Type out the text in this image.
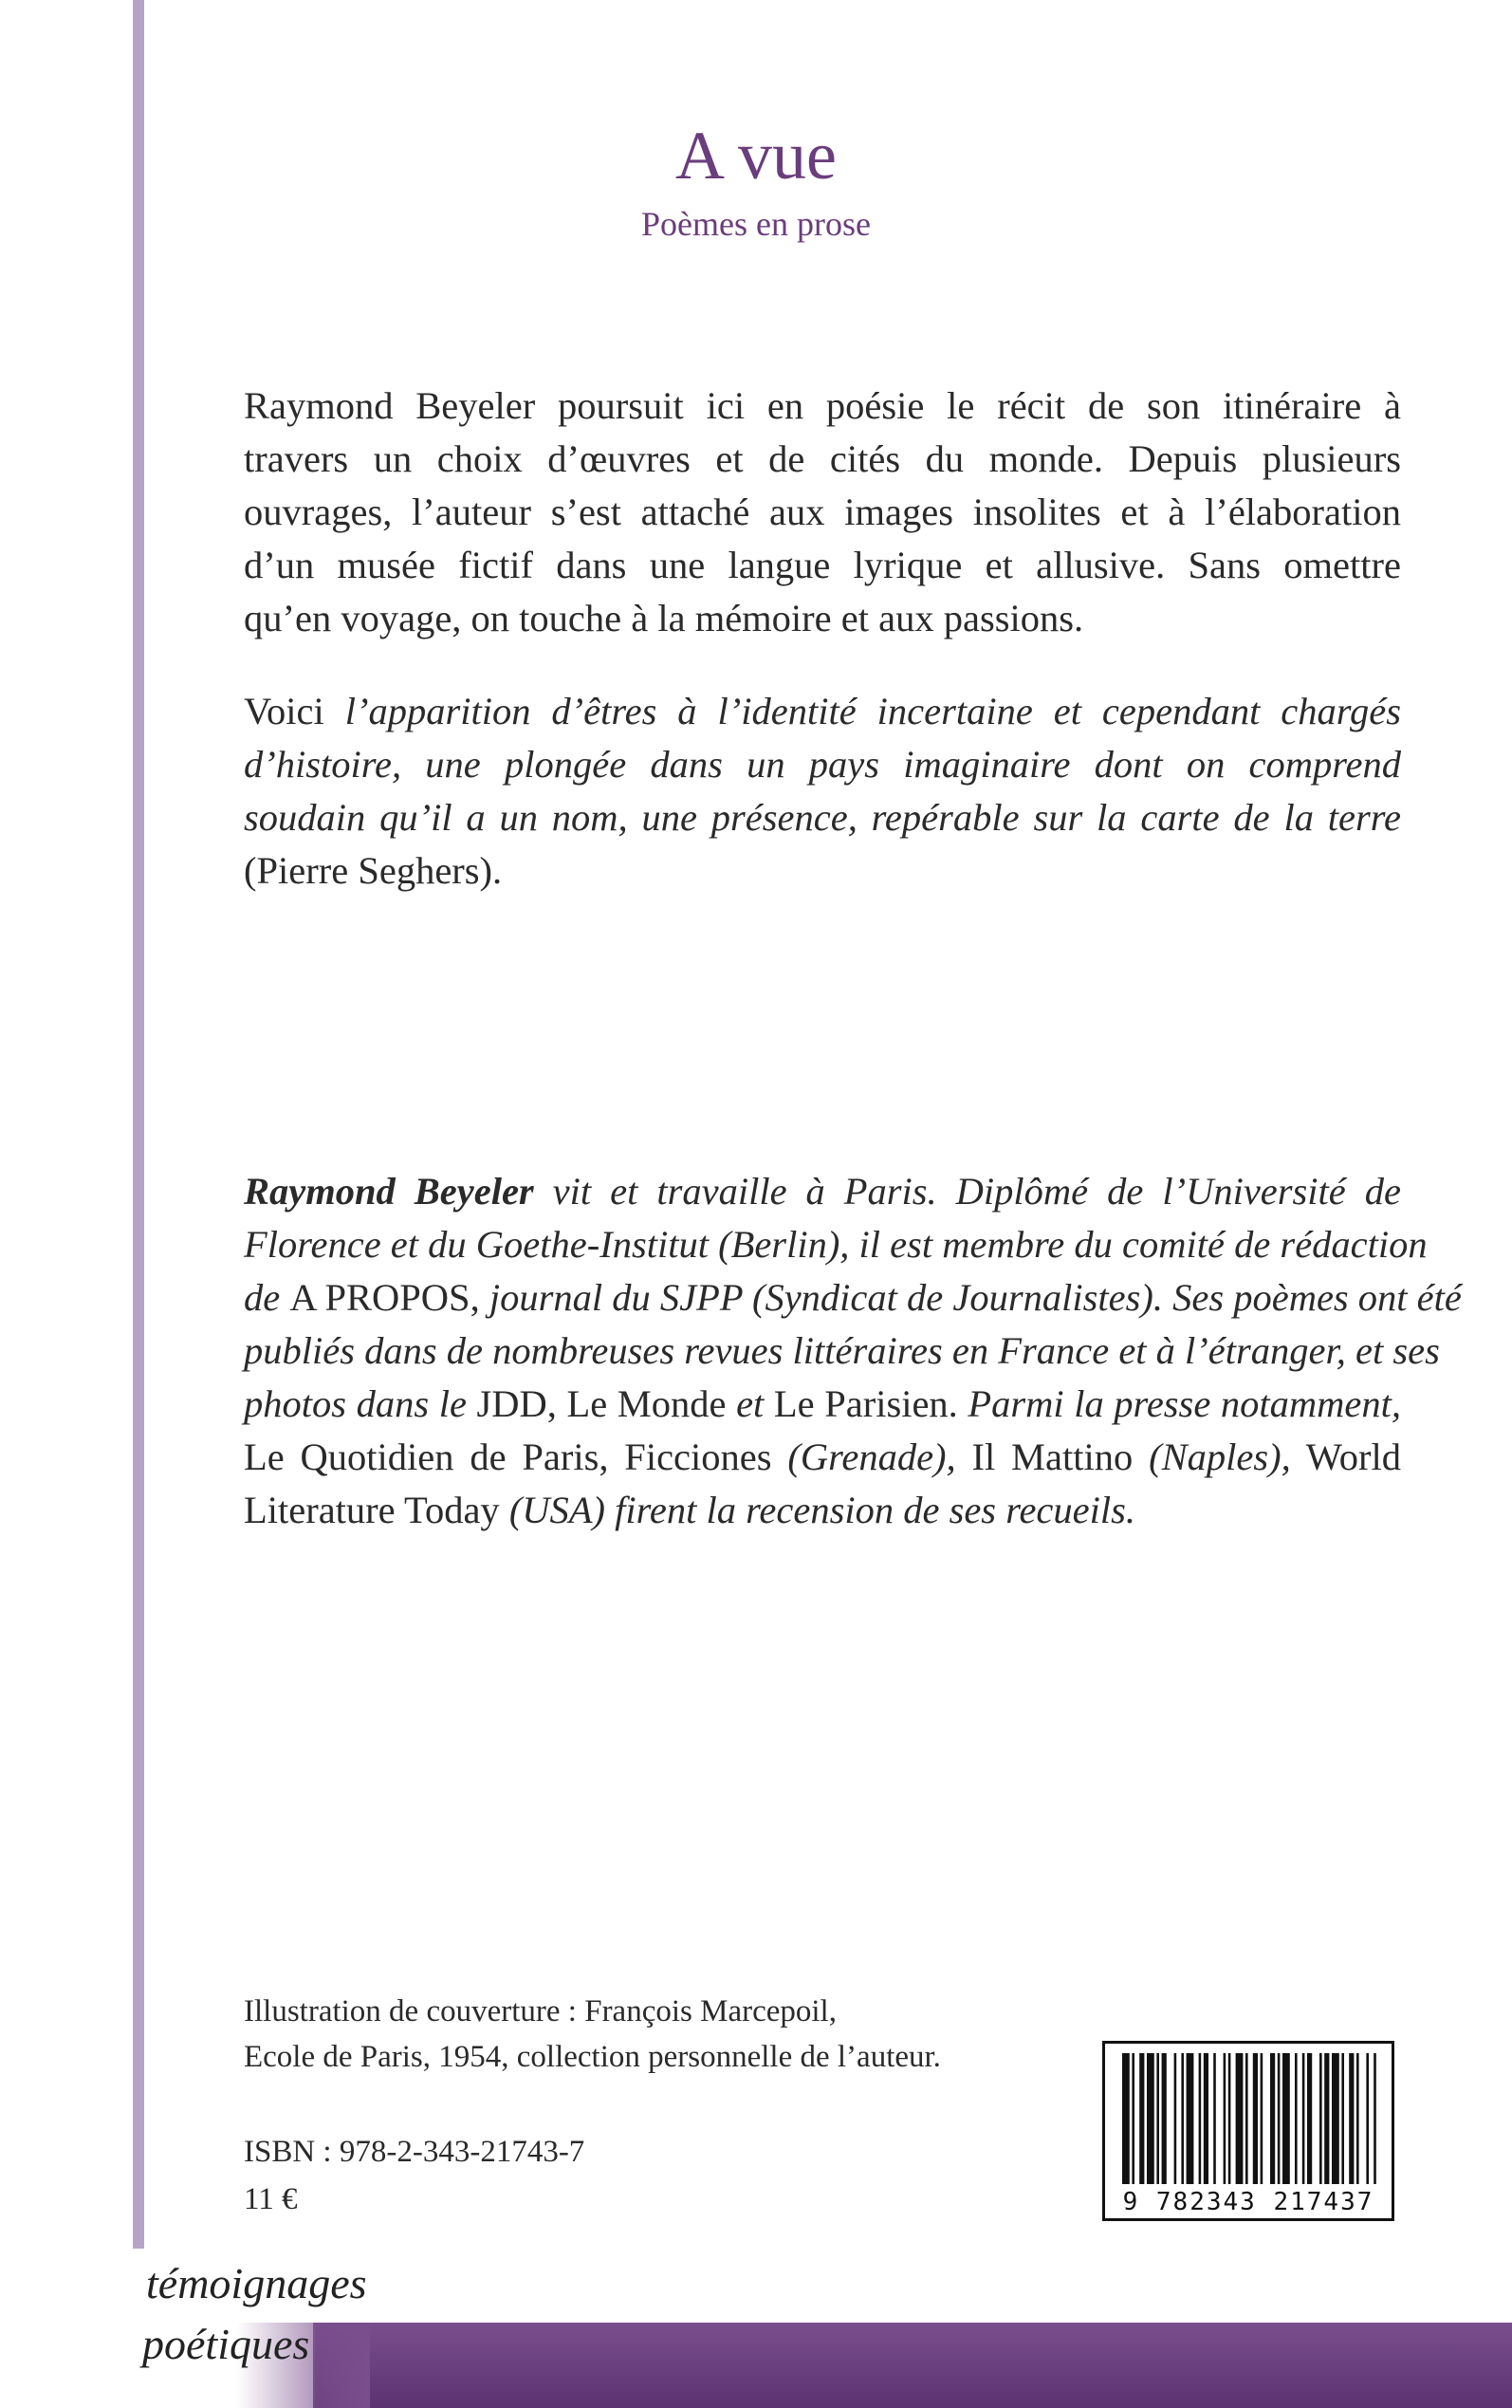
A vue
Poèmes en prose
Raymond Beyeler poursuit ici en poésie le récit de son itinéraire à
travers un choix d’œuvres et de cités du monde. Depuis plusieurs
ouvrages, l’auteur s’est attaché aux images insolites et à l’élaboration
d’un musée fictif dans une langue lyrique et allusive. Sans omettre
qu’en voyage, on touche à la mémoire et aux passions.
Voici l’apparition d’êtres à l’identité incertaine et cependant chargés
d’histoire, une plongée dans un pays imaginaire dont on comprend
soudain qu’il a un nom, une présence, repérable sur la carte de la terre
(Pierre Seghers).
Raymond Beyeler vit et travaille à Paris. Diplômé de l’Université de
Florence et du Goethe-Institut (Berlin), il est membre du comité de rédaction
de A PROPOS, journal du SJPP (Syndicat de Journalistes). Ses poèmes ont été
publiés dans de nombreuses revues littéraires en France et à l’étranger, et ses
photos dans le JDD, Le Monde et Le Parisien. Parmi la presse notamment,
Le Quotidien de Paris, Ficciones (Grenade), Il Mattino (Naples), World
Literature Today (USA) firent la recension de ses recueils.
Illustration de couverture : François Marcepoil,
Ecole de Paris, 1954, collection personnelle de l’auteur.
ISBN : 978-2-343-21743-7
11 €	9 782343 217437
témoignages
poétiques
